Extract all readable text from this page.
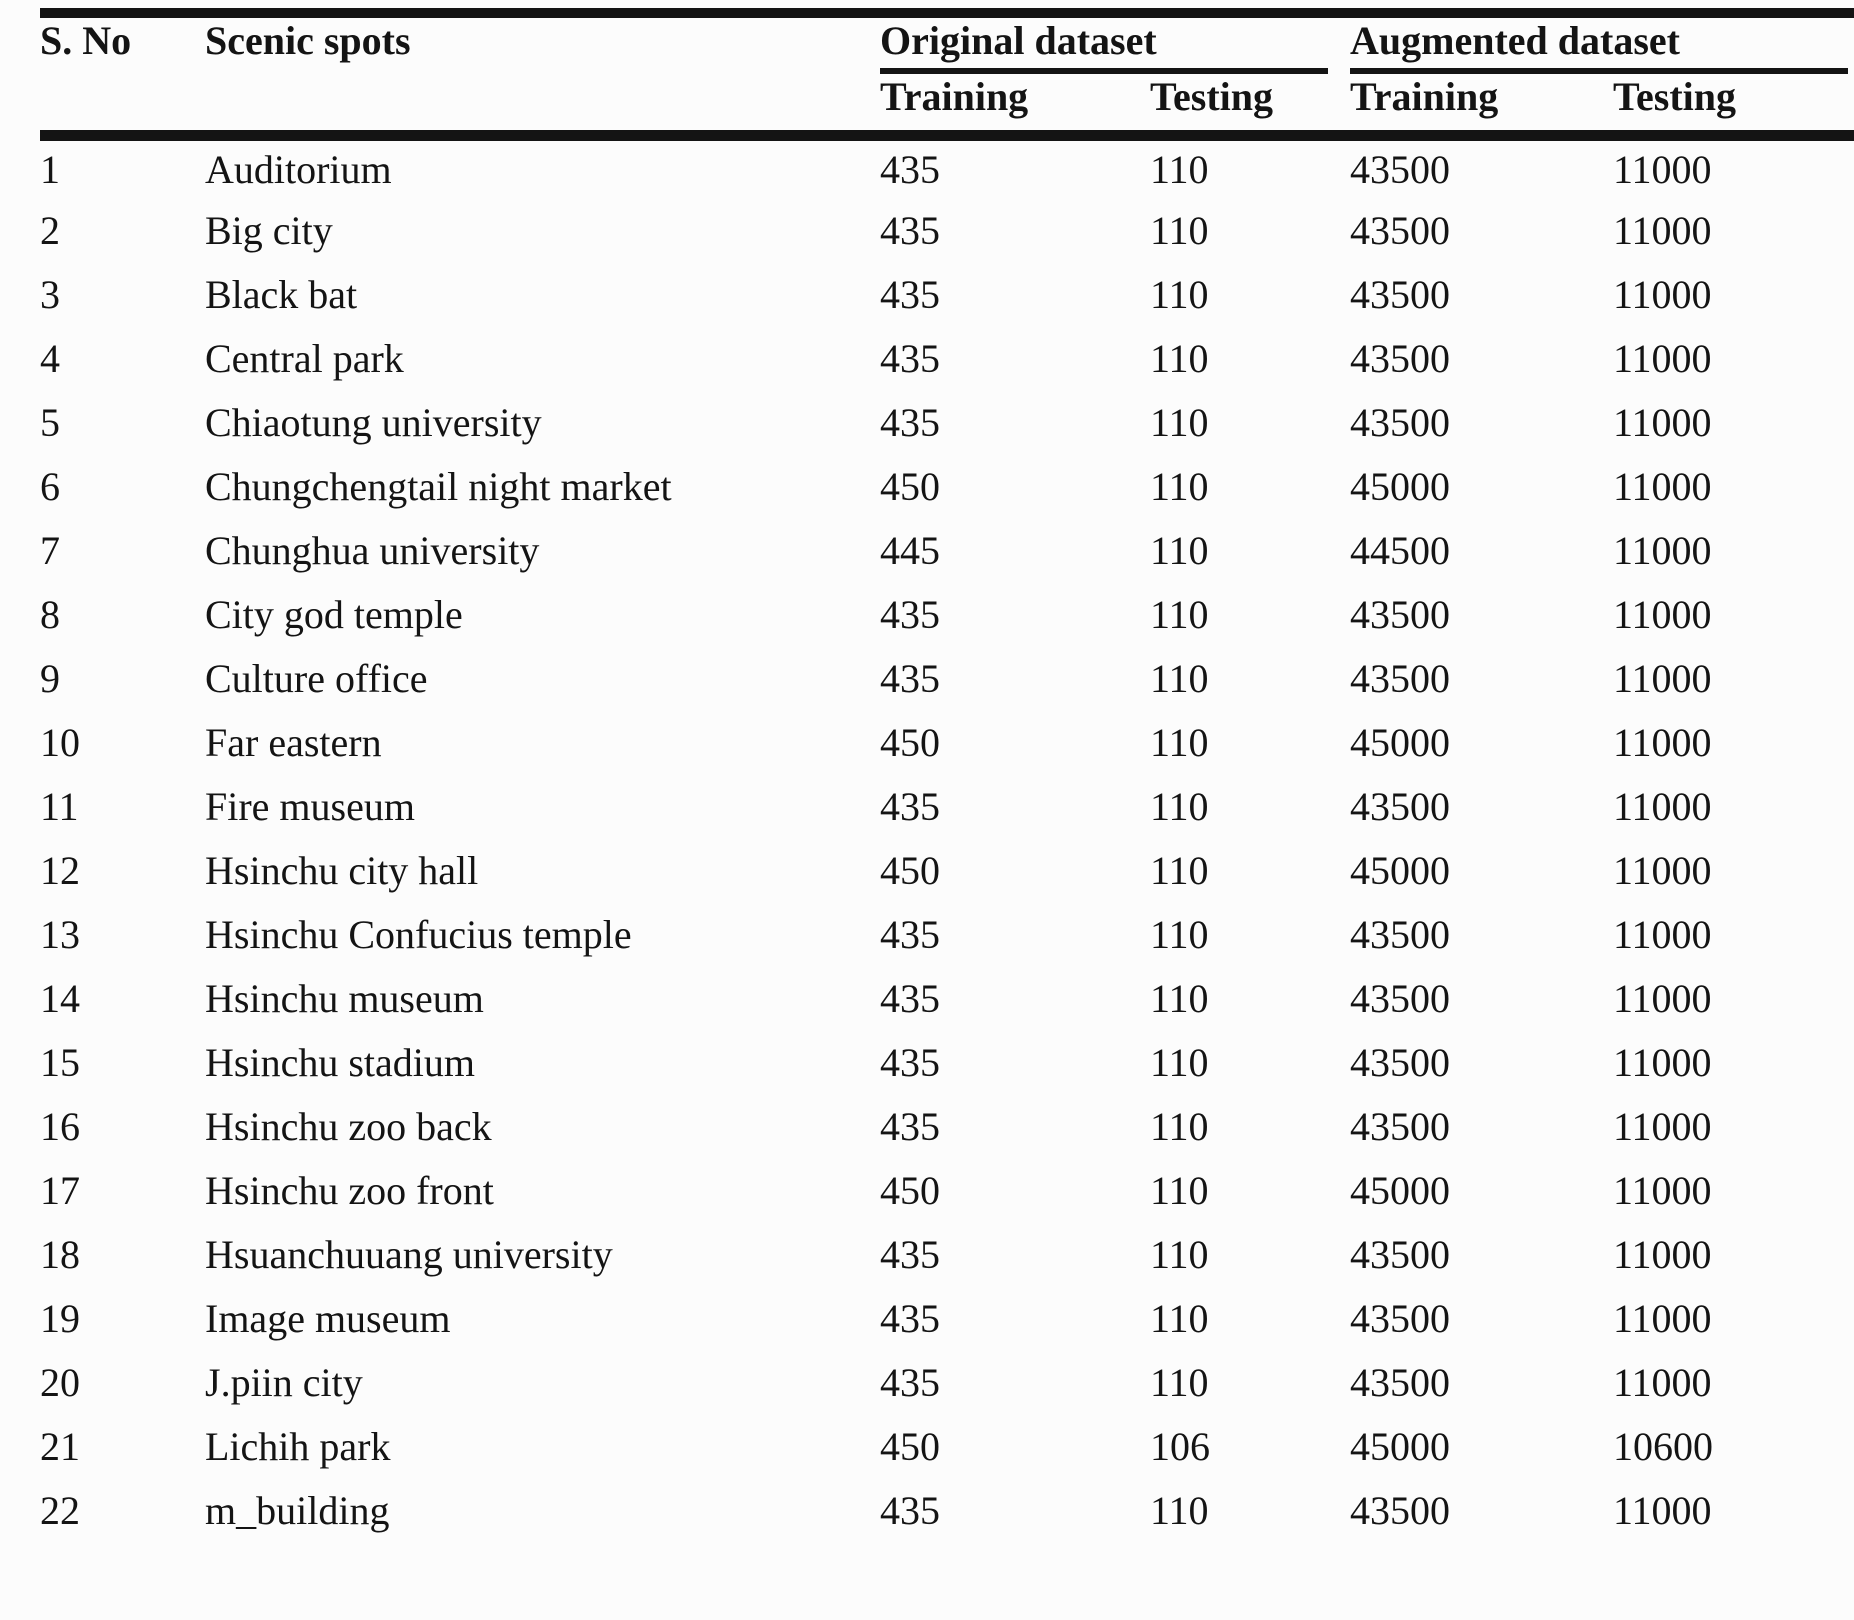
S. No	Scenic spots	Original dataset		Augmented dataset	
		Training	Testing	Training	Testing
1	Auditorium	435	110	43500	11000
2	Big city	435	110	43500	11000
3	Black bat	435	110	43500	11000
4	Central park	435	110	43500	11000
5	Chiaotung university	435	110	43500	11000
6	Chungchengtail night market	450	110	45000	11000
7	Chunghua university	445	110	44500	11000
8	City god temple	435	110	43500	11000
9	Culture office	435	110	43500	11000
10	Far eastern	450	110	45000	11000
11	Fire museum	435	110	43500	11000
12	Hsinchu city hall	450	110	45000	11000
13	Hsinchu Confucius temple	435	110	43500	11000
14	Hsinchu museum	435	110	43500	11000
15	Hsinchu stadium	435	110	43500	11000
16	Hsinchu zoo back	435	110	43500	11000
17	Hsinchu zoo front	450	110	45000	11000
18	Hsuanchuuang university	435	110	43500	11000
19	Image museum	435	110	43500	11000
20	J.piin city	435	110	43500	11000
21	Lichih park	450	106	45000	10600
22	m_building	435	110	43500	11000
